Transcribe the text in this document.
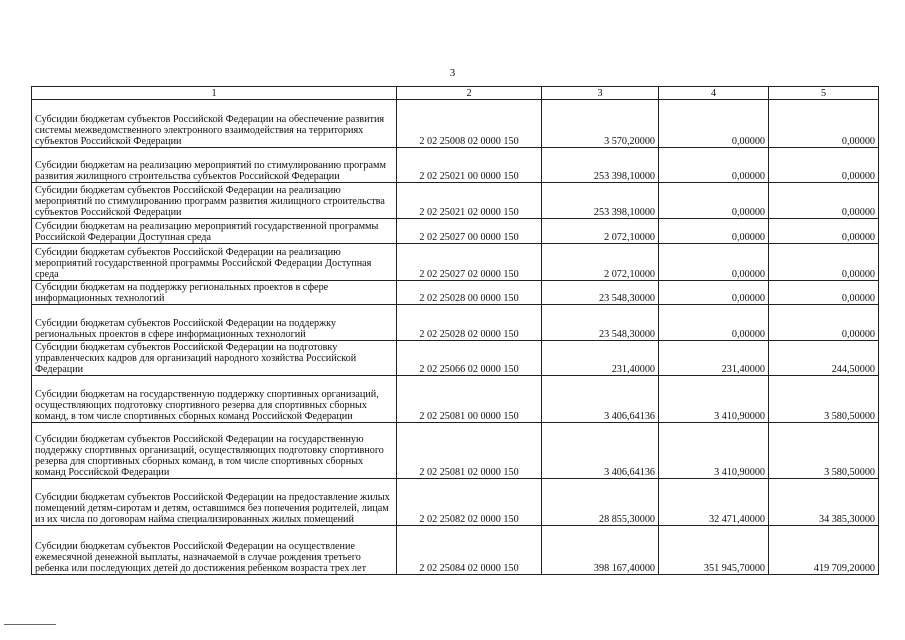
3
1	2	3	4	5
Субсидии бюджетам субъектов Российской Федерации на обеспечение развития системы межведомственного электронного взаимодействия на территориях субъектов Российской Федерации	2 02 25008 02 0000 150	3 570,20000	0,00000	0,00000
Субсидии бюджетам на реализацию мероприятий по стимулированию программ развития жилищного строительства субъектов Российской Федерации	2 02 25021 00 0000 150	253 398,10000	0,00000	0,00000
Субсидии бюджетам субъектов Российской Федерации на реализацию мероприятий по стимулированию программ развития жилищного строительства субъектов Российской Федерации	2 02 25021 02 0000 150	253 398,10000	0,00000	0,00000
Субсидии бюджетам на реализацию мероприятий государственной программы Российской Федерации Доступная среда	2 02 25027 00 0000 150	2 072,10000	0,00000	0,00000
Субсидии бюджетам субъектов Российской Федерации на реализацию мероприятий государственной программы Российской Федерации Доступная среда	2 02 25027 02 0000 150	2 072,10000	0,00000	0,00000
Субсидии бюджетам на поддержку региональных проектов в сфере информационных технологий	2 02 25028 00 0000 150	23 548,30000	0,00000	0,00000
Субсидии бюджетам субъектов Российской Федерации на поддержку региональных проектов в сфере информационных технологий	2 02 25028 02 0000 150	23 548,30000	0,00000	0,00000
Субсидии бюджетам субъектов Российской Федерации на подготовку управленческих кадров для организаций народного хозяйства Российской Федерации	2 02 25066 02 0000 150	231,40000	231,40000	244,50000
Субсидии бюджетам на государственную поддержку спортивных организаций, осуществляющих подготовку спортивного резерва для спортивных сборных команд, в том числе спортивных сборных команд Российской Федерации	2 02 25081 00 0000 150	3 406,64136	3 410,90000	3 580,50000
Субсидии бюджетам субъектов Российской Федерации на государственную поддержку спортивных организаций, осуществляющих подготовку спортивного резерва для спортивных сборных команд, в том числе спортивных сборных команд Российской Федерации	2 02 25081 02 0000 150	3 406,64136	3 410,90000	3 580,50000
Субсидии бюджетам субъектов Российской Федерации на предоставление жилых помещений детям-сиротам и детям, оставшимся без попечения родителей, лицам из их числа по договорам найма специализированных жилых помещений	2 02 25082 02 0000 150	28 855,30000	32 471,40000	34 385,30000
Субсидии бюджетам субъектов Российской Федерации на осуществление ежемесячной денежной выплаты, назначаемой в случае рождения третьего ребенка или последующих детей до достижения ребенком возраста трех лет	2 02 25084 02 0000 150	398 167,40000	351 945,70000	419 709,20000
